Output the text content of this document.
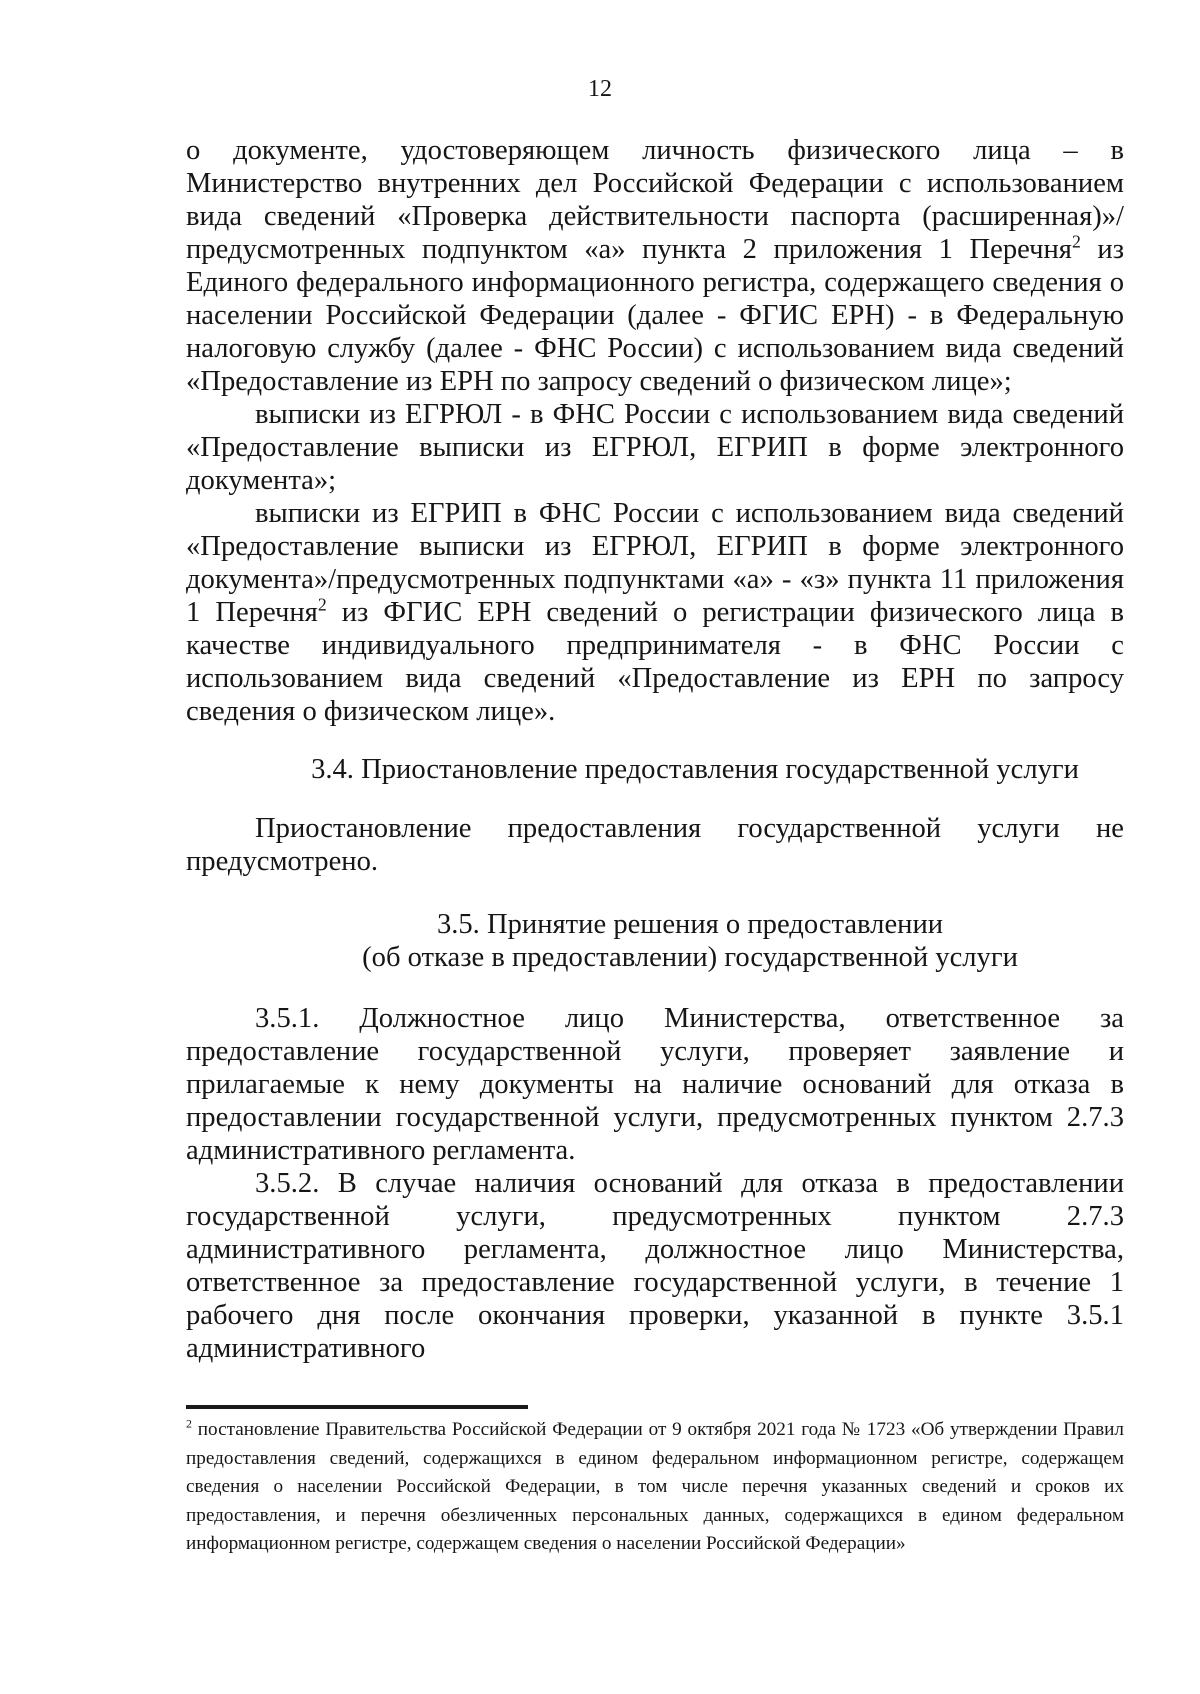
12

о документе, удостоверяющем личность физического лица – в Министерство внутренних дел Российской Федерации с использованием вида сведений «Проверка действительности паспорта (расширенная)»/предусмотренных подпунктом «а» пункта 2 приложения 1 Перечня$^2$ из Единого федерального информационного регистра, содержащего сведения о населении Российской Федерации (далее - ФГИС ЕРН) - в Федеральную налоговую службу (далее - ФНС России) с использованием вида сведений «Предоставление из ЕРН по запросу сведений о физическом лице»;

выписки из ЕГРЮЛ - в ФНС России с использованием вида сведений «Предоставление выписки из ЕГРЮЛ, ЕГРИП в форме электронного документа»;

выписки из ЕГРИП в ФНС России с использованием вида сведений «Предоставление выписки из ЕГРЮЛ, ЕГРИП в форме электронного документа»/предусмотренных подпунктами «а» - «з» пункта 11 приложения 1 Перечня$^2$ из ФГИС ЕРН сведений о регистрации физического лица в качестве индивидуального предпринимателя - в ФНС России с использованием вида сведений «Предоставление из ЕРН по запросу сведения о физическом лице».

3.4. Приостановление предоставления государственной услуги

Приостановление предоставления государственной услуги не предусмотрено.

3.5. Принятие решения о предоставлении
(об отказе в предоставлении) государственной услуги

3.5.1. Должностное лицо Министерства, ответственное за предоставление государственной услуги, проверяет заявление и прилагаемые к нему документы на наличие оснований для отказа в предоставлении государственной услуги, предусмотренных пунктом 2.7.3 административного регламента.

3.5.2. В случае наличия оснований для отказа в предоставлении государственной услуги, предусмотренных пунктом 2.7.3 административного регламента, должностное лицо Министерства, ответственное за предоставление государственной услуги, в течение 1 рабочего дня после окончания проверки, указанной в пункте 3.5.1 административного

$^2$ постановление Правительства Российской Федерации от 9 октября 2021 года № 1723 «Об утверждении Правил предоставления сведений, содержащихся в едином федеральном информационном регистре, содержащем сведения о населении Российской Федерации, в том числе перечня указанных сведений и сроков их предоставления, и перечня обезличенных персональных данных, содержащихся в едином федеральном информационном регистре, содержащем сведения о населении Российской Федерации»
